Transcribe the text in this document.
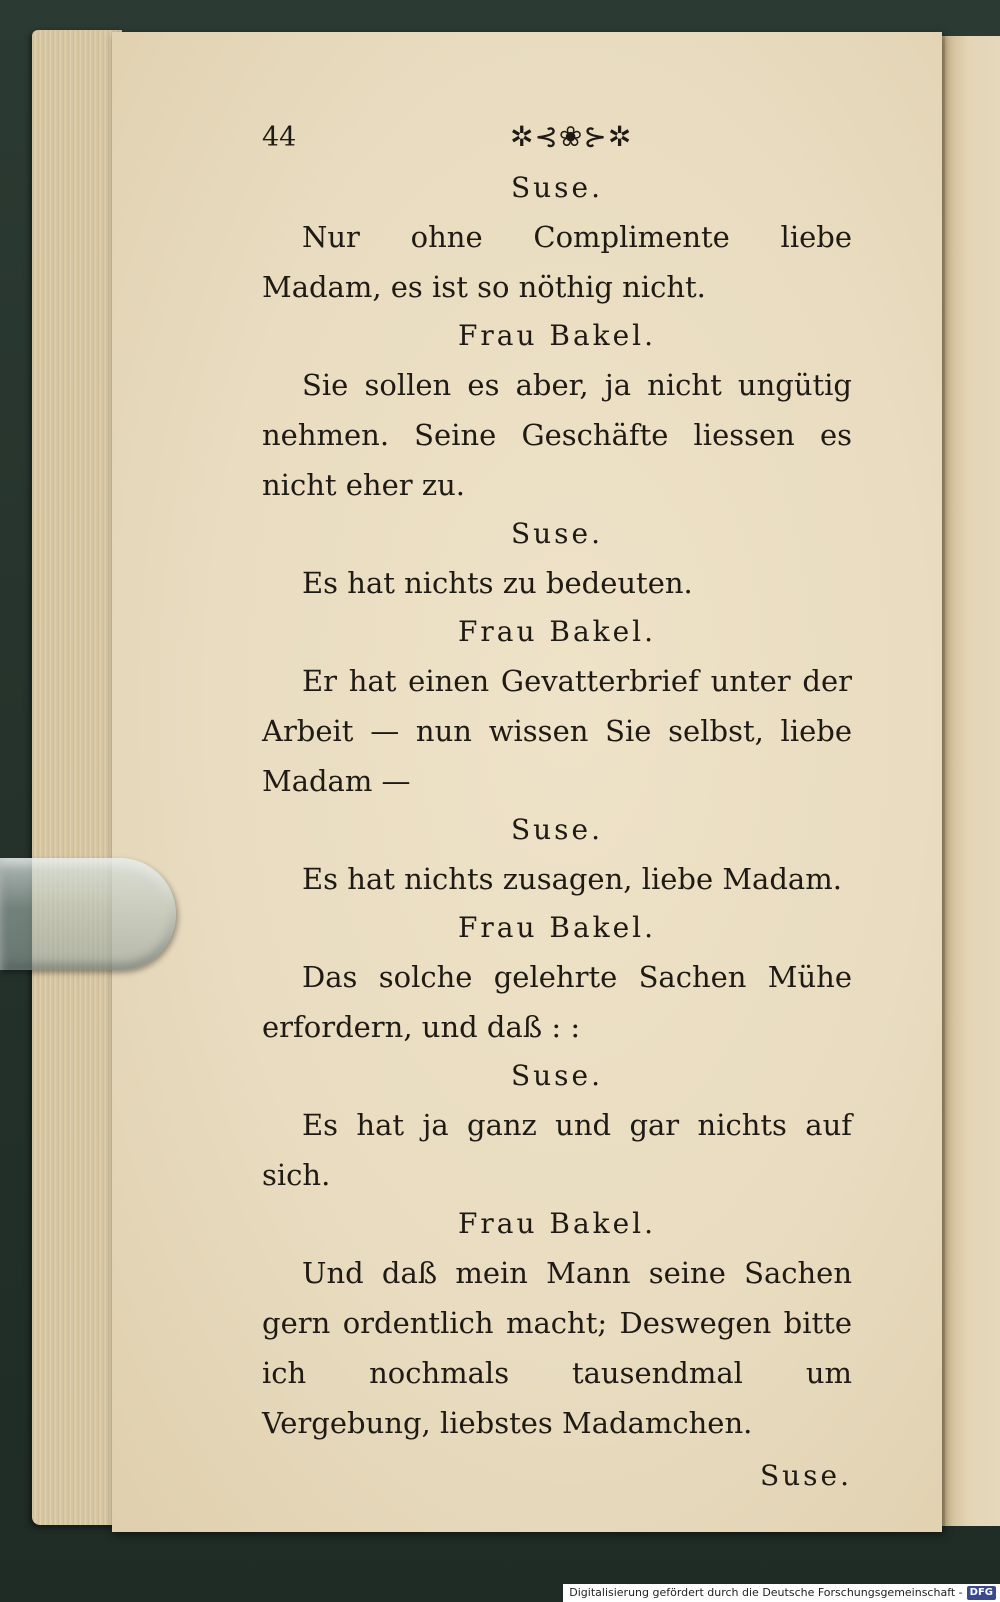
44	✲⊰❀⊱✲
Suse.
Nur ohne Complimente liebe Madam, es ist so nöthig nicht.
Frau Bakel.
Sie sollen es aber, ja nicht ungütig nehmen. Seine Geschäfte liessen es nicht eher zu.
Suse.
Es hat nichts zu bedeuten.
Frau Bakel.
Er hat einen Gevatterbrief unter der Arbeit — nun wissen Sie selbst, liebe Madam —
Suse.
Es hat nichts zusagen, liebe Madam.
Frau Bakel.
Das solche gelehrte Sachen Mühe erfordern, und daß : :
Suse.
Es hat ja ganz und gar nichts auf sich.
Frau Bakel.
Und daß mein Mann seine Sachen gern ordentlich macht; Deswegen bitte ich nochmals tausendmal um Vergebung, liebstes Madamchen.
Suse.
Digitalisierung gefördert durch die Deutsche Forschungsgemeinschaft - DFG
